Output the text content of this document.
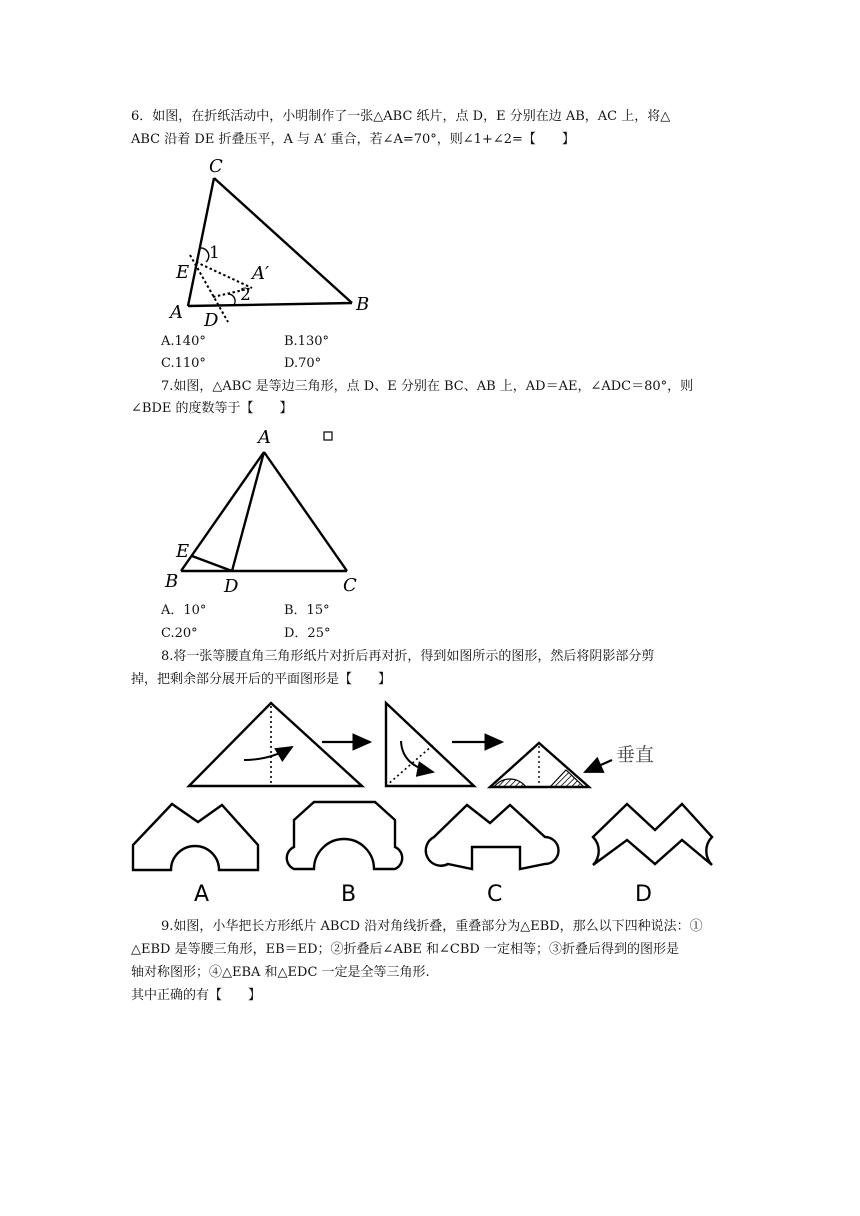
6．如图，在折纸活动中，小明制作了一张△ABC 纸片，点 D，E 分别在边 AB，AC 上，将△
ABC 沿着 DE 折叠压平，A 与 A′ 重合，若∠A=70°，则∠1+∠2=【　　】
C
E
A D
B
A′
1
2
A.140°	B.130°
C.110°	D.70°
7.如图，△ABC 是等边三角形，点 D、E 分别在 BC、AB 上，AD＝AE，∠ADC＝80°，则
∠BDE 的度数等于【　　】
A
E
B	D	C
A．10°	B．15°
C.20°	D．25°
8.将一张等腰直角三角形纸片对折后再对折，得到如图所示的图形，然后将阴影部分剪
掉，把剩余部分展开后的平面图形是【　　】
垂直
A	B	C	D
9.如图，小华把长方形纸片 ABCD 沿对角线折叠，重叠部分为△EBD，那么以下四种说法：①
△EBD 是等腰三角形，EB＝ED；②折叠后∠ABE 和∠CBD 一定相等；③折叠后得到的图形是
轴对称图形；④△EBA 和△EDC 一定是全等三角形.
其中正确的有【　　】
